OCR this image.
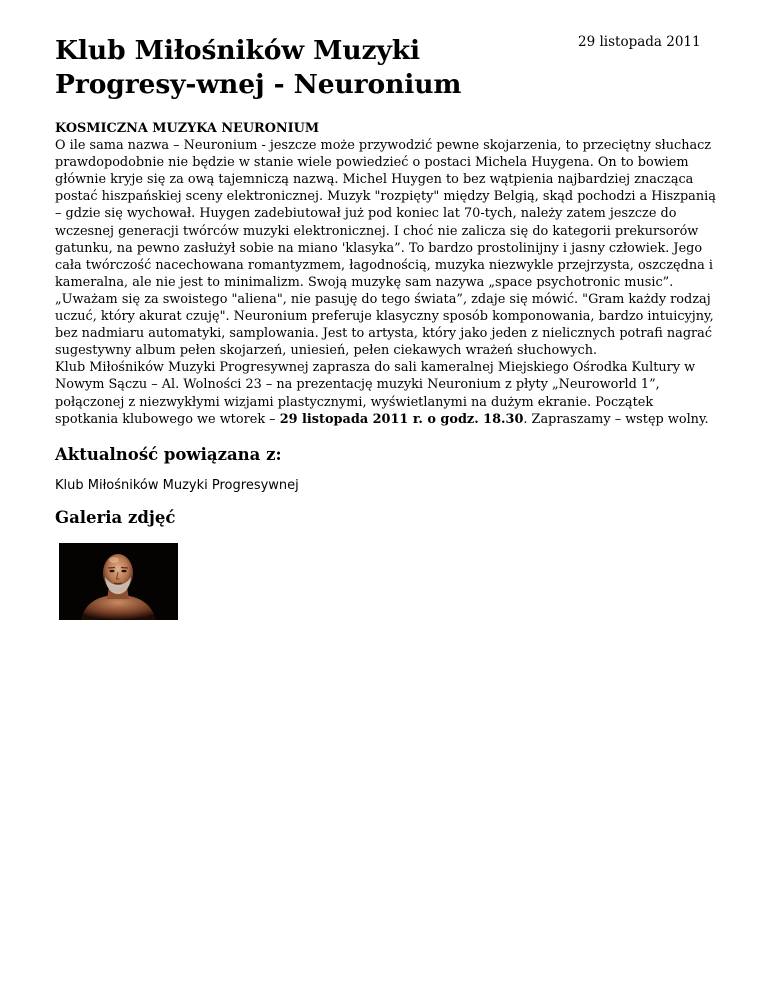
Klub Miłośników Muzyki Progresy-wnej - Neuronium
29 listopada 2011
KOSMICZNA MUZYKA NEURONIUM

O ile sama nazwa – Neuronium - jeszcze może przywodzić pewne skojarzenia, to przeciętny słuchacz prawdopodobnie nie będzie w stanie wiele powiedzieć o postaci Michela Huygena. On to bowiem głównie kryje się za ową tajemniczą nazwą. Michel Huygen to bez wątpienia najbardziej znacząca postać hiszpańskiej sceny elektronicznej. Muzyk "rozpięty" między Belgią, skąd pochodzi a Hiszpanią – gdzie się wychował. Huygen zadebiutował już pod koniec lat 70-tych, należy zatem jeszcze do wczesnej generacji twórców muzyki elektronicznej. I choć nie zalicza się do kategorii prekursorów gatunku, na pewno zasłużył sobie na miano 'klasyka”. To bardzo prostolinijny i jasny człowiek. Jego cała twórczość nacechowana romantyzmem, łagodnością, muzyka niezwykle przejrzysta, oszczędna i kameralna, ale nie jest to minimalizm. Swoją muzykę sam nazywa „space psychotronic music”. „Uważam się za swoistego "aliena", nie pasuję do tego świata”, zdaje się mówić. "Gram każdy rodzaj uczuć, który akurat czuję". Neuronium preferuje klasyczny sposób komponowania, bardzo intuicyjny, bez nadmiaru automatyki, samplowania. Jest to artysta, który jako jeden z nielicznych potrafi nagrać sugestywny album pełen skojarzeń, uniesień, pełen ciekawych wrażeń słuchowych.

Klub Miłośników Muzyki Progresywnej zaprasza do sali kameralnej Miejskiego Ośrodka Kultury w Nowym Sączu – Al. Wolności 23 – na prezentację muzyki Neuronium z płyty „Neuroworld 1”, połączonej z niezwykłymi wizjami plastycznymi, wyświetlanymi na dużym ekranie. Początek spotkania klubowego we wtorek – 29 listopada 2011 r. o godz. 18.30. Zapraszamy – wstęp wolny.

Aktualność powiązana z:
Klub Miłośników Muzyki Progresywnej
Galeria zdjęć
